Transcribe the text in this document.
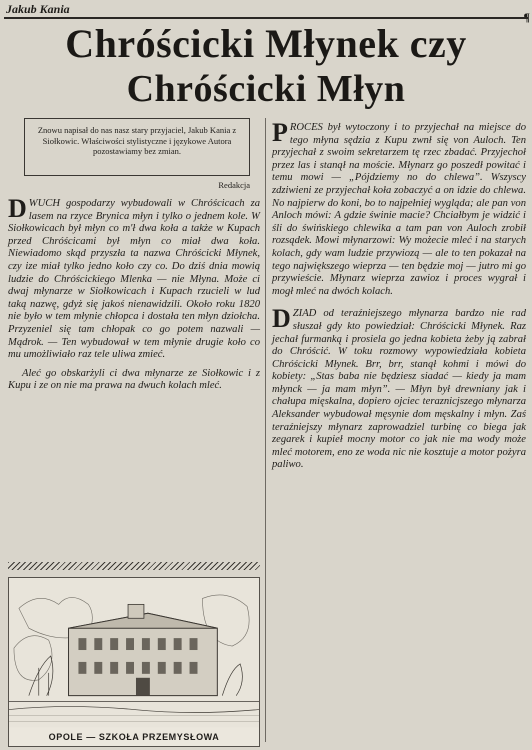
Jakub Kania
¶
Chróścicki Młynek czy
Chróścicki Młyn
Znowu napisał do nas nasz stary przyjaciel, Jakub Kania z Siołkowic. Właściwości stylistyczne i językowe Autora pozostawiamy bez zmian.
Redakcja

DWUCH gospodarzy wybudowali w Chróścicach za lasem na rzyce Brynica młyn i tylko o jednem kole. W Siołkowicach był młyn co m'ł dwa koła a także w Kupach przed Chróścicami był młyn co miał dwa koła. Niewiadomo skąd przyszła ta nazwa Chróścicki Młynek, czy ize miał tylko jedno koło czy co. Do dziś dnia mowią ludzie do Chróścickiego Mlenka — nie Młyna. Może ci dwaj młynarze w Siołkowicach i Kupach rzucieli w lud taką nazwę, gdyż się jakoś nienawidzili. Około roku 1820 nie było w tem młynie chłopca i dostała ten młyn dziołcha. Przyzeniel się tam chłopak co go potem nazwali — Mądrok. — Ten wybudował w tem młynie drugie koło co mu umożliwiało raz tele uliwa zmieć.

Aleć go obskarżyli ci dwa młynarze ze Siołkowic i z Kupu i ze on nie ma prawa na dwuch kolach mleć.

OPOLE — SZKOŁA PRZEMYSŁOWA

PROCES był wytoczony i to przyjechał na miejsce do tego młyna sędzia z Kupu zwnł się von Auloch. Ten przyjechał z swoim sekretarzem tę rzec zbadać. Przyjechoł przez las i stanął na moście. Młynarz go poszedł powitać i temu mowi — „Pójdziemy no do chlewa”. Wszyscy zdziwieni ze przyjechał koła zobaczyć a on idzie do chlewa. No najpierw do koni, bo to najpełniej wygląda; ale pan von Anloch mówi: A gdzie świnie macie? Chciałbym je widzić i śli do świńskiego chlewika a tam pan von Auloch zrobił rozsądek. Mowi młynarzowi: Wy możecie mleć i na starych kolach, gdy wam ludzie przywiozą — ale to ten pokazał na tego największego wieprza — ten będzie moj — jutro mi go przywieście. Młynarz wieprza zawioz i proces wygrał i mogł mleć na dwóch kolach.

DZIAD od teraźniejszego młynarza bardzo nie rad słuszał gdy kto powiedział: Chróścicki Młynek. Raz jechał furmanką i prosiela go jedna kobieta żeby ją zabrał do Chróścić. W toku rozmowy wypowiedziała kobieta Chróścicki Młynek. Brr, brr, stanął kohmi i mówi do kobiety: „Stas baba nie będziesz siadać — kiedy ja mam młynck — ja mam młyn”. — Młyn był drewniany jak i chałupa mięskalna, dopiero ojciec teraznicjszego młynarza Aleksander wybudował męsynie dom męskalny i młyn. Zaś teraźniejszy młynarz zaprowadziel turbinę co biega jak zegarek i kupieł mocny motor co jak nie ma wody może mleć motorem, eno ze woda nic nie kosztuje a motor pożyra paliwo.
